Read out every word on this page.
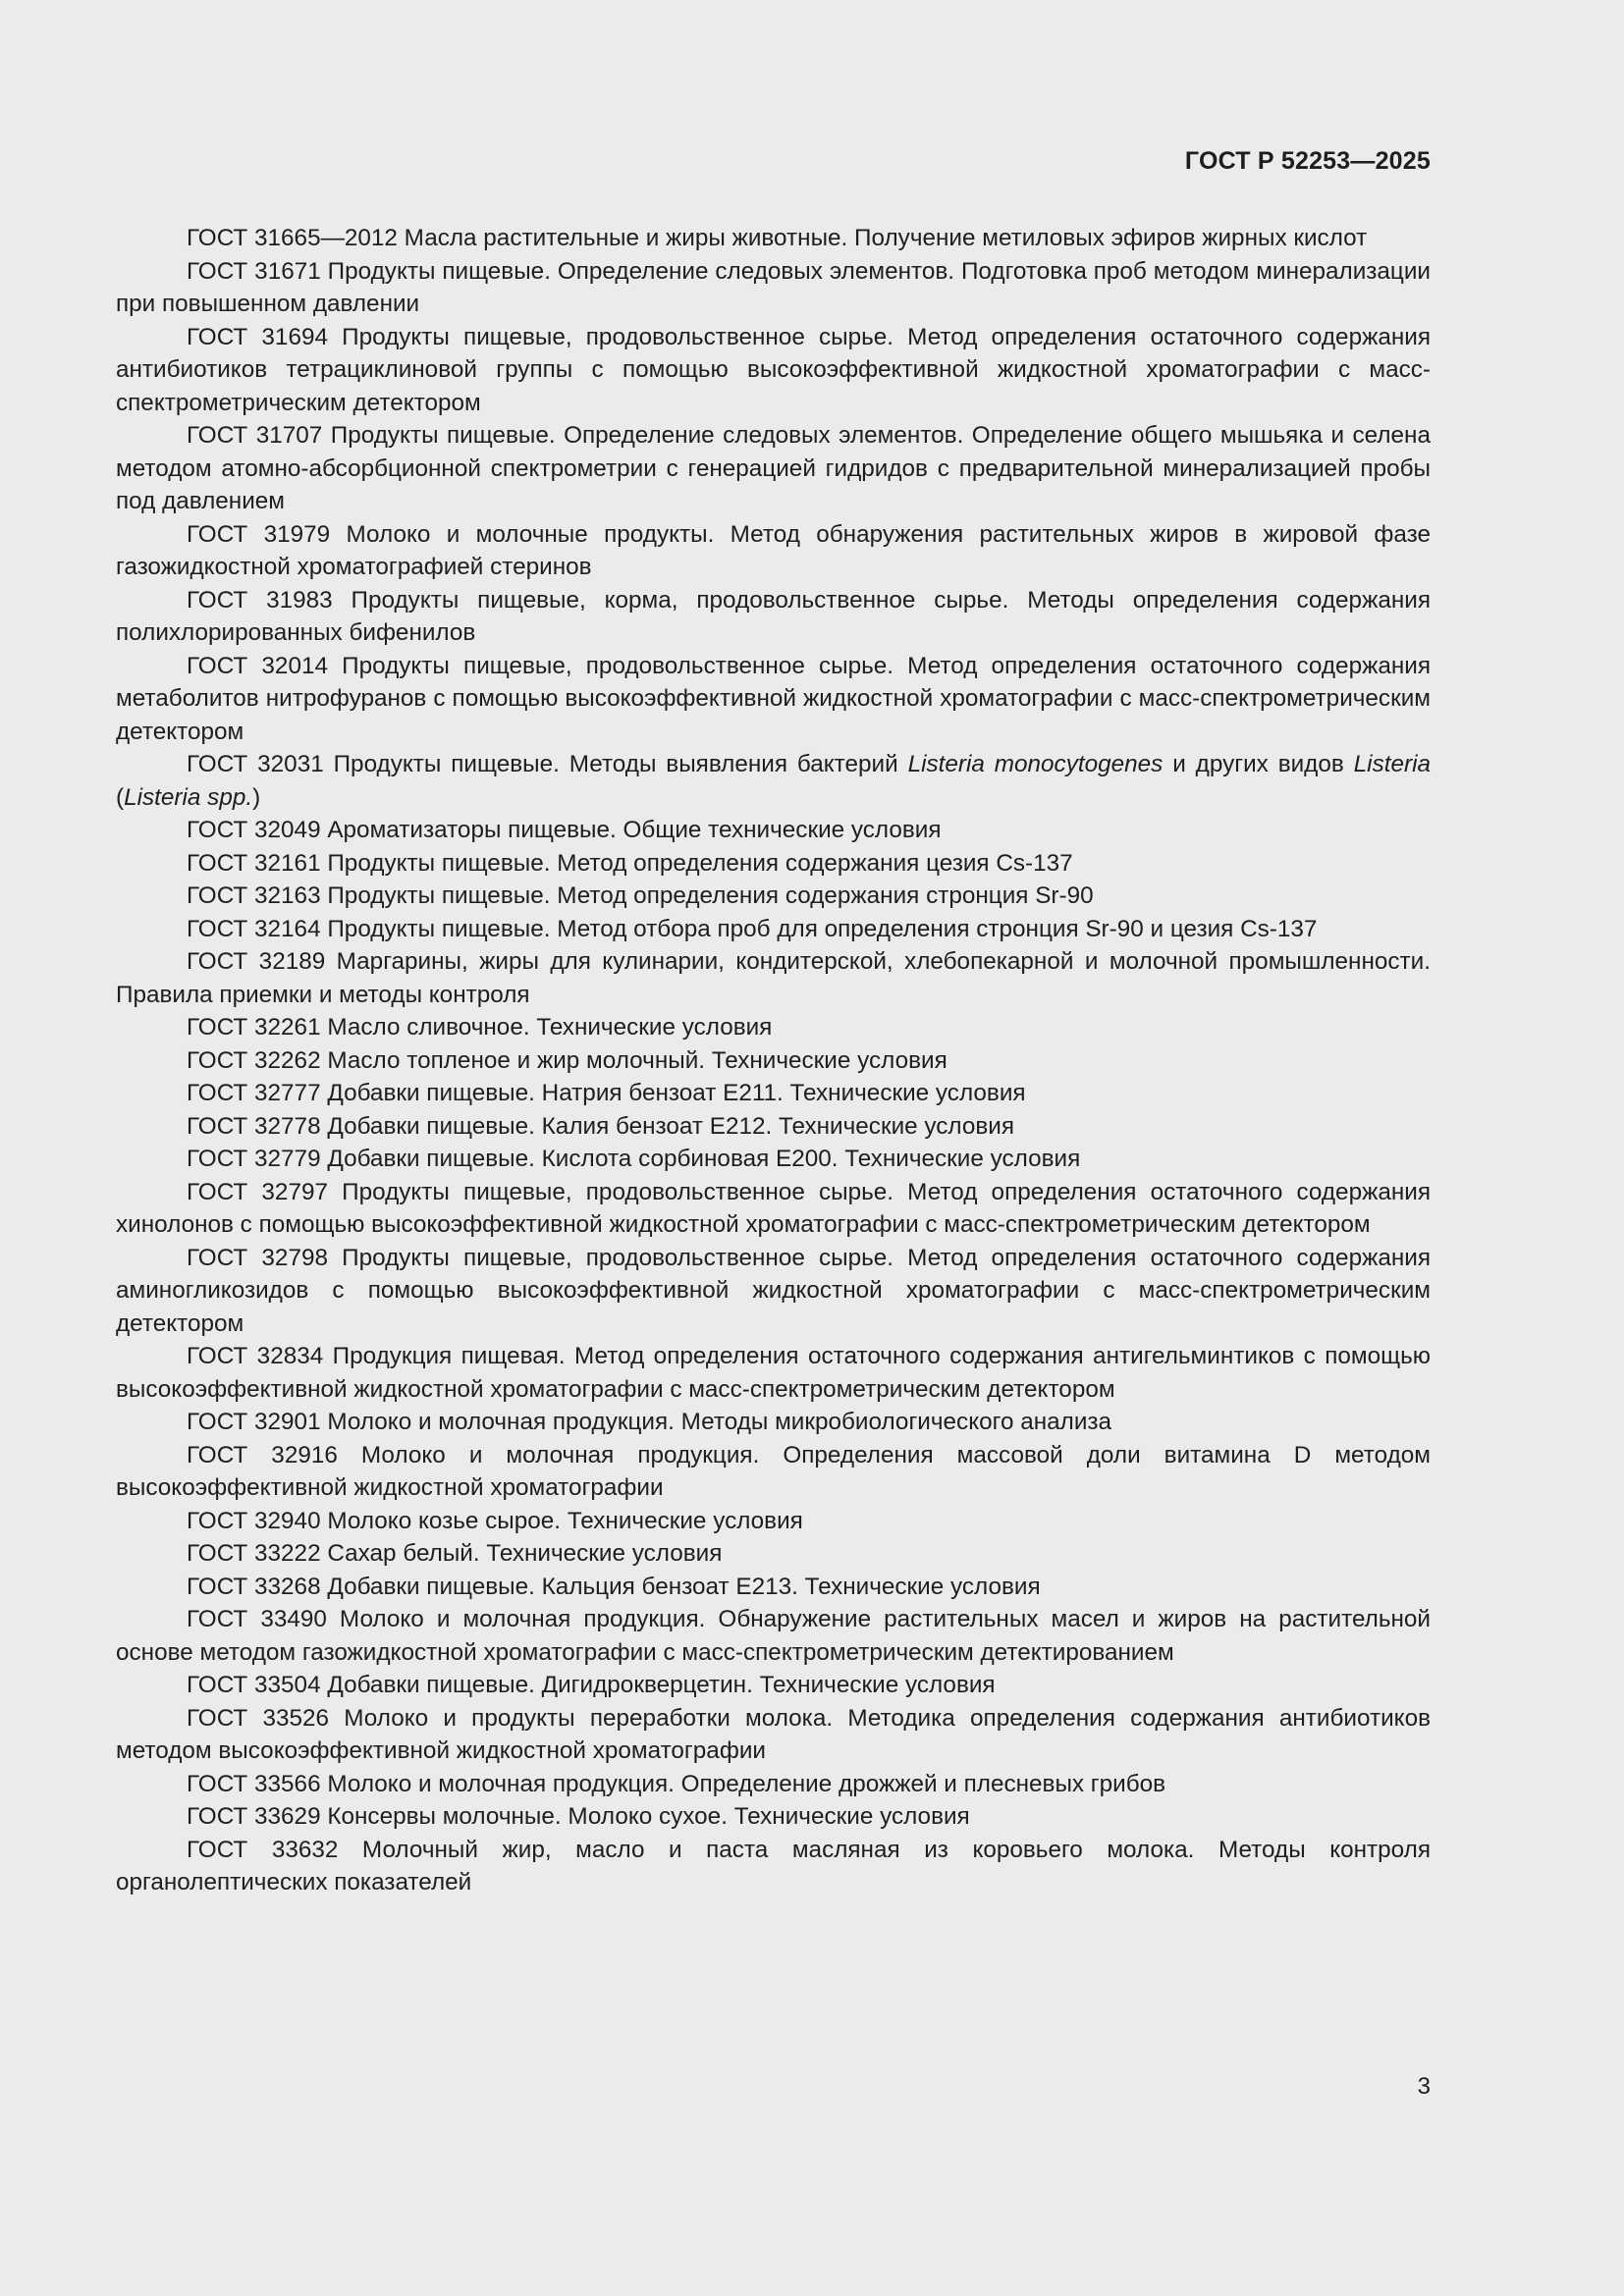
ГОСТ Р 52253—2025

ГОСТ 31665—2012 Масла растительные и жиры животные. Получение метиловых эфиров жирных кислот

ГОСТ 31671 Продукты пищевые. Определение следовых элементов. Подготовка проб методом минерализации при повышенном давлении

ГОСТ 31694 Продукты пищевые, продовольственное сырье. Метод определения остаточного содержания антибиотиков тетрациклиновой группы с помощью высокоэффективной жидкостной хроматографии с масс-спектрометрическим детектором

ГОСТ 31707 Продукты пищевые. Определение следовых элементов. Определение общего мышьяка и селена методом атомно-абсорбционной спектрометрии с генерацией гидридов с предварительной минерализацией пробы под давлением

ГОСТ 31979 Молоко и молочные продукты. Метод обнаружения растительных жиров в жировой фазе газожидкостной хроматографией стеринов

ГОСТ 31983 Продукты пищевые, корма, продовольственное сырье. Методы определения содержания полихлорированных бифенилов

ГОСТ 32014 Продукты пищевые, продовольственное сырье. Метод определения остаточного содержания метаболитов нитрофуранов с помощью высокоэффективной жидкостной хроматографии с масс-спектрометрическим детектором

ГОСТ 32031 Продукты пищевые. Методы выявления бактерий Listeria monocytogenes и других видов Listeria (Listeria spp.)

ГОСТ 32049 Ароматизаторы пищевые. Общие технические условия

ГОСТ 32161 Продукты пищевые. Метод определения содержания цезия Cs-137

ГОСТ 32163 Продукты пищевые. Метод определения содержания стронция Sr-90

ГОСТ 32164 Продукты пищевые. Метод отбора проб для определения стронция Sr-90 и цезия Cs-137

ГОСТ 32189 Маргарины, жиры для кулинарии, кондитерской, хлебопекарной и молочной промышленности. Правила приемки и методы контроля

ГОСТ 32261 Масло сливочное. Технические условия

ГОСТ 32262 Масло топленое и жир молочный. Технические условия

ГОСТ 32777 Добавки пищевые. Натрия бензоат E211. Технические условия

ГОСТ 32778 Добавки пищевые. Калия бензоат E212. Технические условия

ГОСТ 32779 Добавки пищевые. Кислота сорбиновая E200. Технические условия

ГОСТ 32797 Продукты пищевые, продовольственное сырье. Метод определения остаточного содержания хинолонов с помощью высокоэффективной жидкостной хроматографии с масс-спектрометрическим детектором

ГОСТ 32798 Продукты пищевые, продовольственное сырье. Метод определения остаточного содержания аминогликозидов с помощью высокоэффективной жидкостной хроматографии с масс-спектрометрическим детектором

ГОСТ 32834 Продукция пищевая. Метод определения остаточного содержания антигельминтиков с помощью высокоэффективной жидкостной хроматографии с масс-спектрометрическим детектором

ГОСТ 32901 Молоко и молочная продукция. Методы микробиологического анализа

ГОСТ 32916 Молоко и молочная продукция. Определения массовой доли витамина D методом высокоэффективной жидкостной хроматографии

ГОСТ 32940 Молоко козье сырое. Технические условия

ГОСТ 33222 Сахар белый. Технические условия

ГОСТ 33268 Добавки пищевые. Кальция бензоат E213. Технические условия

ГОСТ 33490 Молоко и молочная продукция. Обнаружение растительных масел и жиров на растительной основе методом газожидкостной хроматографии с масс-спектрометрическим детектированием

ГОСТ 33504 Добавки пищевые. Дигидрокверцетин. Технические условия

ГОСТ 33526 Молоко и продукты переработки молока. Методика определения содержания антибиотиков методом высокоэффективной жидкостной хроматографии

ГОСТ 33566 Молоко и молочная продукция. Определение дрожжей и плесневых грибов

ГОСТ 33629 Консервы молочные. Молоко сухое. Технические условия

ГОСТ 33632 Молочный жир, масло и паста масляная из коровьего молока. Методы контроля органолептических показателей

3
